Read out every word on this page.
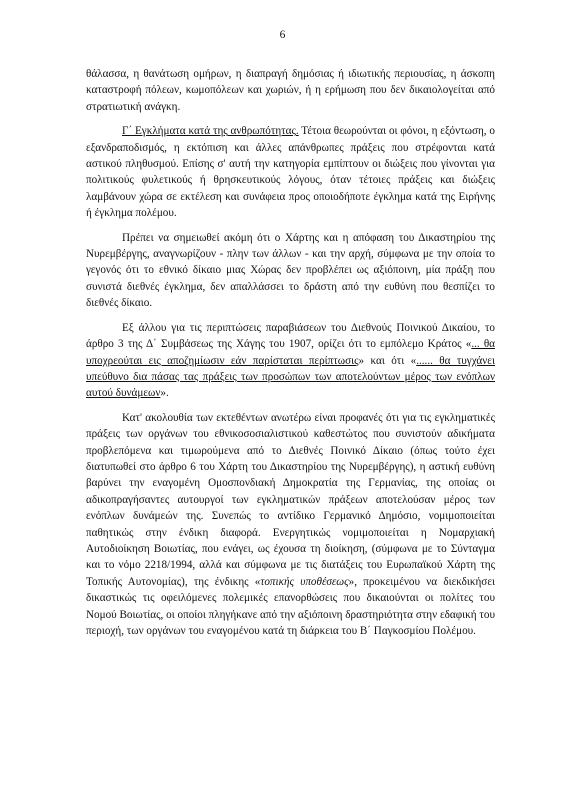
6

θάλασσα, η θανάτωση ομήρων, η διαπραγή δημόσιας ή ιδιωτικής περιουσίας, η άσκοπη καταστροφή πόλεων, κωμοπόλεων και χωριών, ή η ερήμωση που δεν δικαιολογείται από στρατιωτική ανάγκη.

Γ΄ Εγκλήματα κατά της ανθρωπότητας. Τέτοια θεωρούνται οι φόνοι, η εξόντωση, ο εξανδραποδισμός, η εκτόπιση και άλλες απάνθρωπες πράξεις που στρέφονται κατά αστικού πληθυσμού. Επίσης σ' αυτή την κατηγορία εμπίπτουν οι διώξεις που γίνονται για πολιτικούς φυλετικούς ή θρησκευτικούς λόγους, όταν τέτοιες πράξεις και διώξεις λαμβάνουν χώρα σε εκτέλεση και συνάφεια προς οποιοδήποτε έγκλημα κατά της Ειρήνης ή έγκλημα πολέμου.

Πρέπει να σημειωθεί ακόμη ότι ο Χάρτης και η απόφαση του Δικαστηρίου της Νυρεμβέργης, αναγνωρίζουν - πλην των άλλων - και την αρχή, σύμφωνα με την οποία το γεγονός ότι το εθνικό δίκαιο μιας Χώρας δεν προβλέπει ως αξιόποινη, μία πράξη που συνιστά διεθνές έγκλημα, δεν απαλλάσσει το δράστη από την ευθύνη που θεσπίζει το διεθνές δίκαιο.

Εξ άλλου για τις περιπτώσεις παραβιάσεων του Διεθνούς Ποινικού Δικαίου, το άρθρο 3 της Δ΄ Συμβάσεως της Χάγης του 1907, ορίζει ότι το εμπόλεμο Κράτος «... θα υποχρεούται εις αποζημίωσιν εάν παρίσταται περίπτωσις» και ότι «...... θα τυγχάνει υπεύθυνο δια πάσας τας πράξεις των προσώπων των αποτελούντων μέρος των ενόπλων αυτού δυνάμεων».

Κατ' ακολουθία των εκτεθέντων ανωτέρω είναι προφανές ότι για τις εγκληματικές πράξεις των οργάνων του εθνικοσοσιαλιστικού καθεστώτος που συνιστούν αδικήματα προβλεπόμενα και τιμωρούμενα από το Διεθνές Ποινικό Δίκαιο (όπως τούτο έχει διατυπωθεί στο άρθρο 6 του Χάρτη του Δικαστηρίου της Νυρεμβέργης), η αστική ευθύνη βαρύνει την εναγομένη Ομοσπονδιακή Δημοκρατία της Γερμανίας, της οποίας οι αδικοπραγήσαντες αυτουργοί των εγκληματικών πράξεων αποτελούσαν μέρος των ενόπλων δυνάμεών της. Συνεπώς το αντίδικο Γερμανικό Δημόσιο, νομιμοποιείται παθητικώς στην ένδικη διαφορά. Ενεργητικώς νομιμοποιείται η Νομαρχιακή Αυτοδιοίκηση Βοιωτίας, που ενάγει, ως έχουσα τη διοίκηση, (σύμφωνα με το Σύνταγμα και το νόμο 2218/1994, αλλά και σύμφωνα με τις διατάξεις του Ευρωπαϊκού Χάρτη της Τοπικής Αυτονομίας), της ένδικης «τοπικής υποθέσεως», προκειμένου να διεκδικήσει δικαστικώς τις οφειλόμενες πολεμικές επανορθώσεις που δικαιούνται οι πολίτες του Νομού Βοιωτίας, οι οποίοι πληγήκανε από την αξιόποινη δραστηριότητα στην εδαφική του περιοχή, των οργάνων του εναγομένου κατά τη διάρκεια του Β΄ Παγκοσμίου Πολέμου.
